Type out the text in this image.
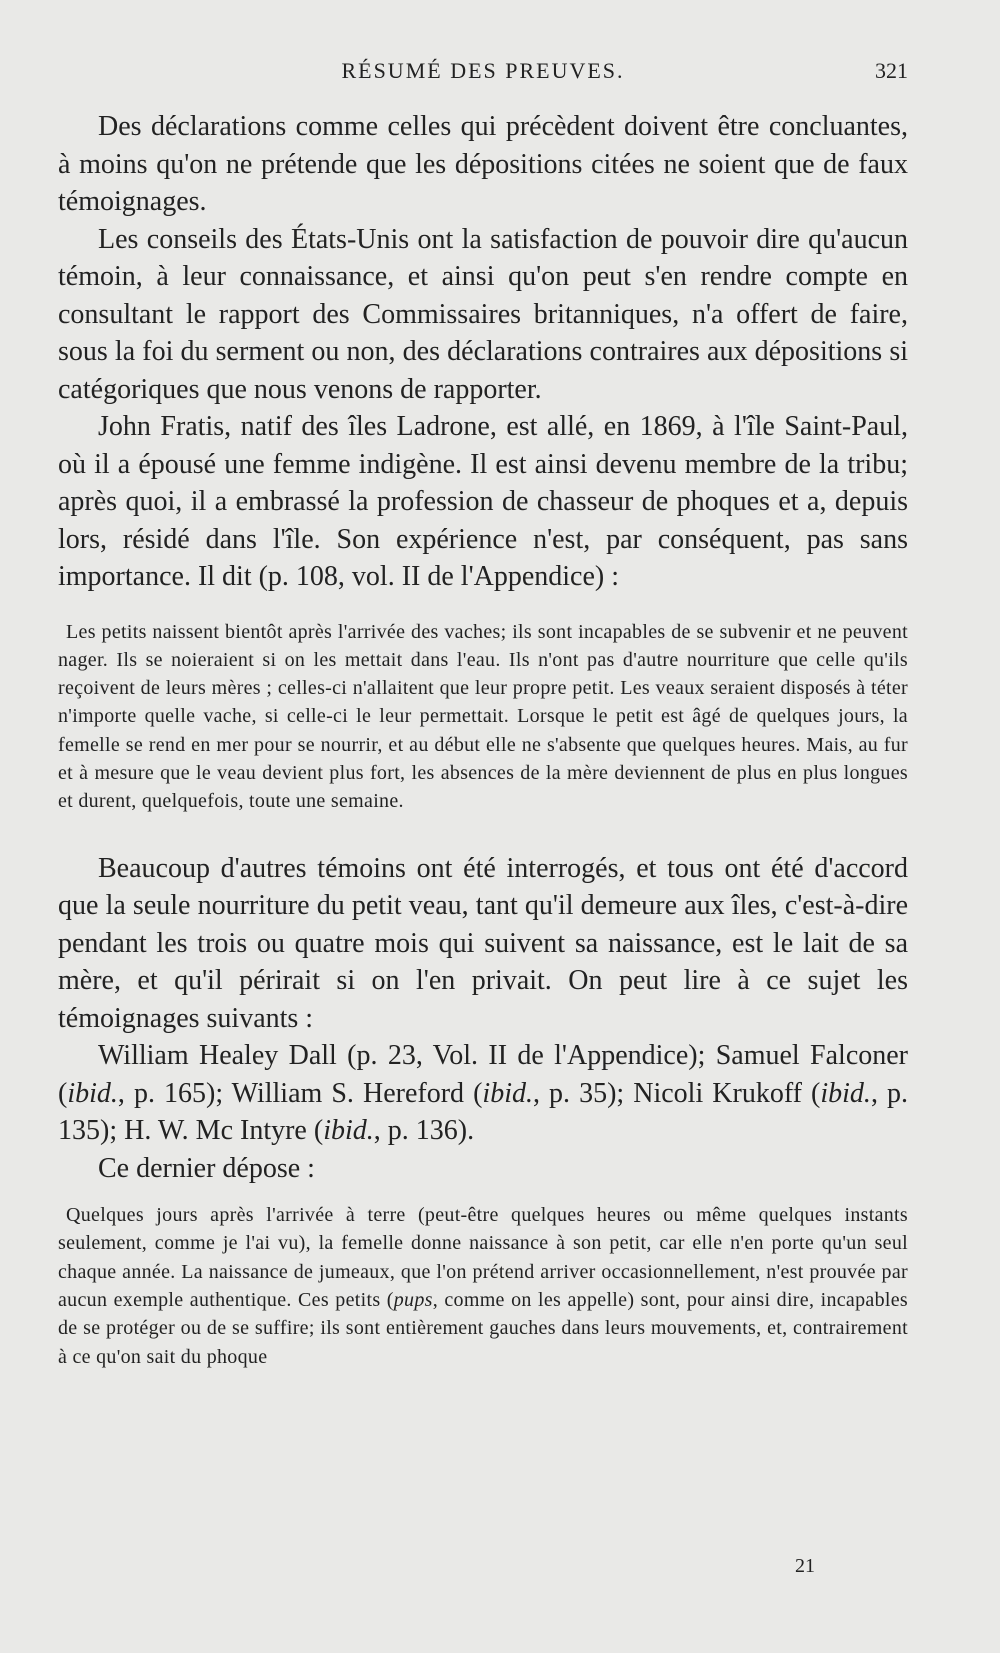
RÉSUMÉ DES PREUVES.	321

Des déclarations comme celles qui précèdent doivent être concluantes, à moins qu'on ne prétende que les dépositions citées ne soient que de faux témoignages.

Les conseils des États-Unis ont la satisfaction de pouvoir dire qu'aucun témoin, à leur connaissance, et ainsi qu'on peut s'en rendre compte en consultant le rapport des Commissaires britanniques, n'a offert de faire, sous la foi du serment ou non, des déclarations contraires aux dépositions si catégoriques que nous venons de rapporter.

John Fratis, natif des îles Ladrone, est allé, en 1869, à l'île Saint-Paul, où il a épousé une femme indigène. Il est ainsi devenu membre de la tribu; après quoi, il a embrassé la profession de chasseur de phoques et a, depuis lors, résidé dans l'île. Son expérience n'est, par conséquent, pas sans importance. Il dit (p. 108, vol. II de l'Appendice) :

Les petits naissent bientôt après l'arrivée des vaches; ils sont incapables de se subvenir et ne peuvent nager. Ils se noieraient si on les mettait dans l'eau. Ils n'ont pas d'autre nourriture que celle qu'ils reçoivent de leurs mères ; celles-ci n'allaitent que leur propre petit. Les veaux seraient disposés à téter n'importe quelle vache, si celle-ci le leur permettait. Lorsque le petit est âgé de quelques jours, la femelle se rend en mer pour se nourrir, et au début elle ne s'absente que quelques heures. Mais, au fur et à mesure que le veau devient plus fort, les absences de la mère deviennent de plus en plus longues et durent, quelquefois, toute une semaine.

Beaucoup d'autres témoins ont été interrogés, et tous ont été d'accord que la seule nourriture du petit veau, tant qu'il demeure aux îles, c'est-à-dire pendant les trois ou quatre mois qui suivent sa naissance, est le lait de sa mère, et qu'il périrait si on l'en privait. On peut lire à ce sujet les témoignages suivants :

William Healey Dall (p. 23, Vol. II de l'Appendice); Samuel Falconer (ibid., p. 165); William S. Hereford (ibid., p. 35); Nicoli Krukoff (ibid., p. 135); H. W. Mc Intyre (ibid., p. 136).

Ce dernier dépose :

Quelques jours après l'arrivée à terre (peut-être quelques heures ou même quelques instants seulement, comme je l'ai vu), la femelle donne naissance à son petit, car elle n'en porte qu'un seul chaque année. La naissance de jumeaux, que l'on prétend arriver occasionnellement, n'est prouvée par aucun exemple authentique. Ces petits (pups, comme on les appelle) sont, pour ainsi dire, incapables de se protéger ou de se suffire; ils sont entièrement gauches dans leurs mouvements, et, contrairement à ce qu'on sait du phoque
21
